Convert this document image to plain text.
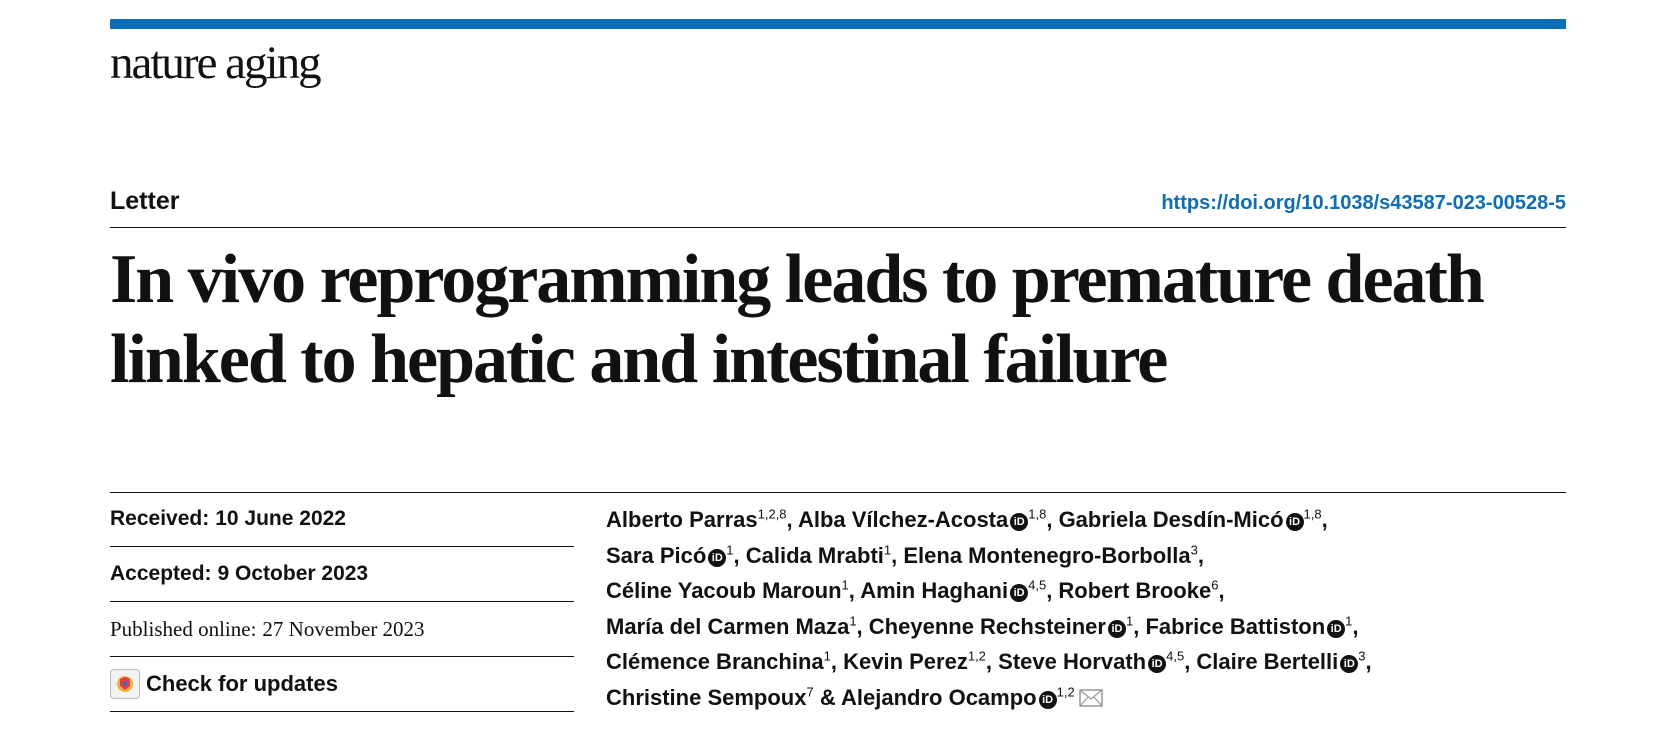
nature aging
Letter	https://doi.org/10.1038/s43587-023-00528-5
In vivo reprogramming leads to premature death linked to hepatic and intestinal failure
Received: 10 June 2022
Accepted: 9 October 2023
Published online: 27 November 2023
Check for updates
Alberto Parras$^{1,2,8}$, Alba Vílchez-Acosta iD$^{1,8}$, Gabriela Desdín-Micó iD$^{1,8}$,
Sara Picó $iD^1$, Calida Mrabti$^1$, Elena Montenegro-Borbolla$^3$,
Céline Yacoub Maroun$^1$, Amin Haghani iD$^{4,5}$, Robert Brooke$^6$,
María del Carmen Maza$^1$, Cheyenne Rechsteiner $iD^1$, Fabrice Battiston $iD^1$,
Clémence Branchina$^1$, Kevin Perez$^{1,2}$, Steve Horvath iD$^{4,5}$, Claire Bertelli $iD^3$,
Christine Sempoux$^7$ & Alejandro Ocampo iD$^{1,2}$
